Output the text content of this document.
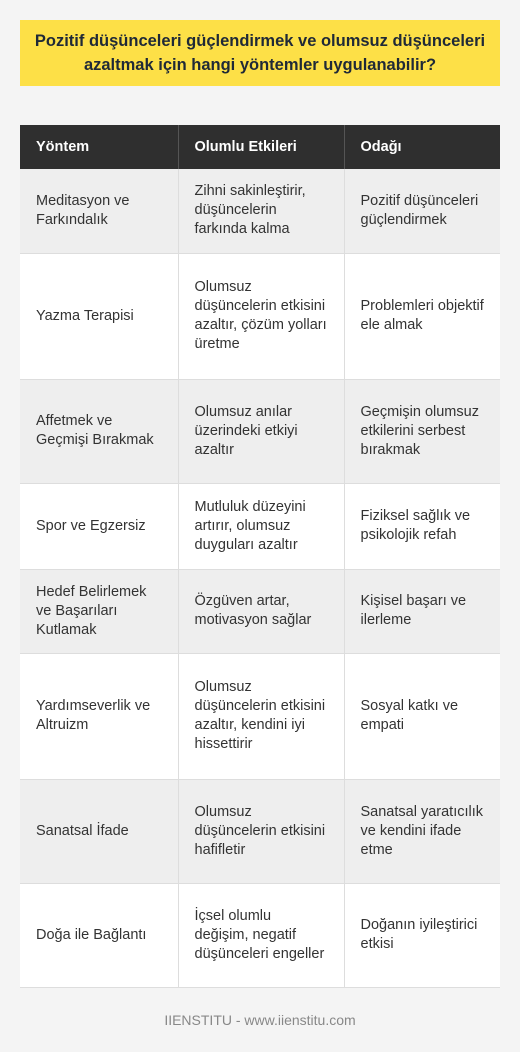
Pozitif düşünceleri güçlendirmek ve olumsuz düşünceleri azaltmak için hangi yöntemler uygulanabilir?
Yöntem	Olumlu Etkileri	Odağı
Meditasyon ve Farkındalık	Zihni sakinleştirir, düşüncelerin farkında kalma	Pozitif düşünceleri güçlendirmek
Yazma Terapisi	Olumsuz düşüncelerin etkisini azaltır, çözüm yolları üretme	Problemleri objektif ele almak
Affetmek ve Geçmişi Bırakmak	Olumsuz anılar üzerindeki etkiyi azaltır	Geçmişin olumsuz etkilerini serbest bırakmak
Spor ve Egzersiz	Mutluluk düzeyini artırır, olumsuz duyguları azaltır	Fiziksel sağlık ve psikolojik refah
Hedef Belirlemek ve Başarıları Kutlamak	Özgüven artar, motivasyon sağlar	Kişisel başarı ve ilerleme
Yardımseverlik ve Altruizm	Olumsuz düşüncelerin etkisini azaltır, kendini iyi hissettirir	Sosyal katkı ve empati
Sanatsal İfade	Olumsuz düşüncelerin etkisini hafifletir	Sanatsal yaratıcılık ve kendini ifade etme
Doğa ile Bağlantı	İçsel olumlu değişim, negatif düşünceleri engeller	Doğanın iyileştirici etkisi
IIENSTITU - www.iienstitu.com
